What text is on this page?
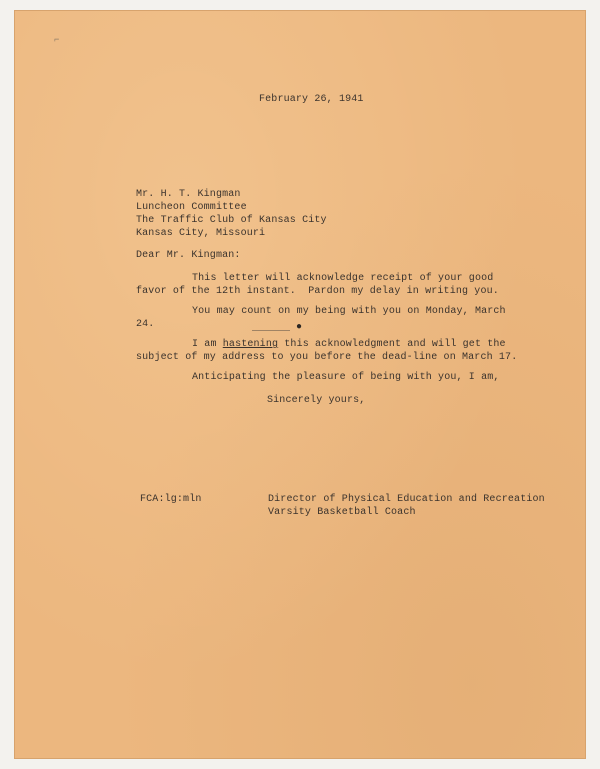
⌐

February 26, 1941

Mr. H. T. Kingman

Luncheon Committee

The Traffic Club of Kansas City

Kansas City, Missouri

Dear Mr. Kingman:

This letter will acknowledge receipt of your good

favor of the 12th instant.  Pardon my delay in writing you.

You may count on my being with you on Monday, March

24.	●

I am hastening this acknowledgment and will get the

subject of my address to you before the dead-line on March 17.

Anticipating the pleasure of being with you, I am,

Sincerely yours,

FCA:lg:mln	Director of Physical Education and Recreation

Varsity Basketball Coach
